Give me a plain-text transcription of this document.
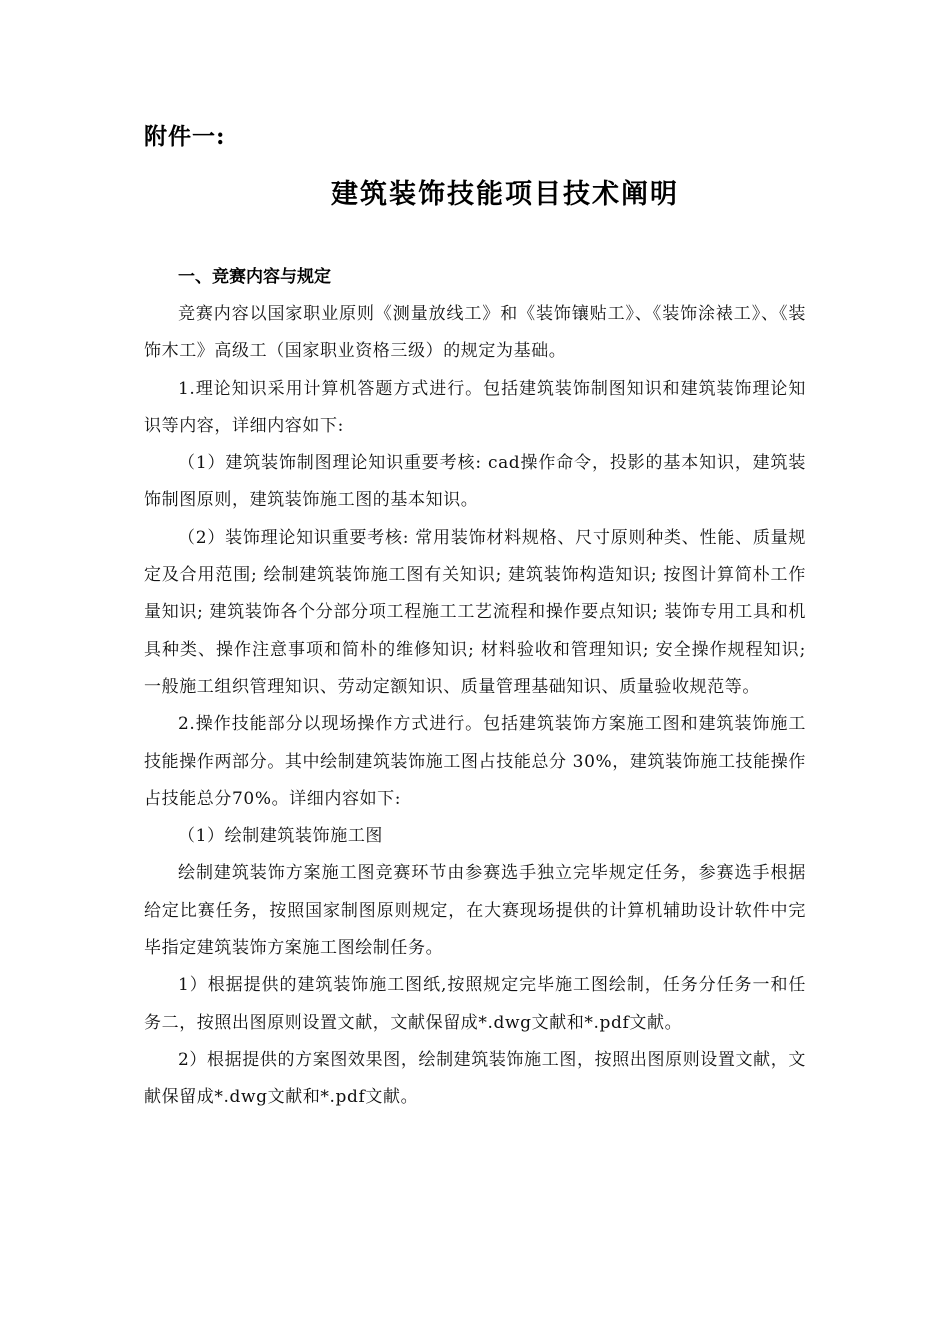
附件一:
建筑装饰技能项目技术阐明
一、竞赛内容与规定

竞赛内容以国家职业原则《测量放线工》和《装饰镶贴工》、《装饰涂裱工》、《装饰木工》高级工（国家职业资格三级）的规定为基础。

1.理论知识采用计算机答题方式进行。包括建筑装饰制图知识和建筑装饰理论知识等内容，详细内容如下:

（1）建筑装饰制图理论知识重要考核: cad操作命令，投影的基本知识，建筑装饰制图原则，建筑装饰施工图的基本知识。

（2）装饰理论知识重要考核: 常用装饰材料规格、尺寸原则种类、性能、质量规定及合用范围; 绘制建筑装饰施工图有关知识; 建筑装饰构造知识; 按图计算简朴工作量知识; 建筑装饰各个分部分项工程施工工艺流程和操作要点知识; 装饰专用工具和机具种类、操作注意事项和简朴的维修知识; 材料验收和管理知识; 安全操作规程知识; 一般施工组织管理知识、劳动定额知识、质量管理基础知识、质量验收规范等。

2.操作技能部分以现场操作方式进行。包括建筑装饰方案施工图和建筑装饰施工技能操作两部分。其中绘制建筑装饰施工图占技能总分 30%，建筑装饰施工技能操作占技能总分70%。详细内容如下:

（1）绘制建筑装饰施工图

绘制建筑装饰方案施工图竞赛环节由参赛选手独立完毕规定任务，参赛选手根据给定比赛任务，按照国家制图原则规定，在大赛现场提供的计算机辅助设计软件中完毕指定建筑装饰方案施工图绘制任务。

1）根据提供的建筑装饰施工图纸,按照规定完毕施工图绘制，任务分任务一和任务二，按照出图原则设置文献，文献保留成*.dwg文献和*.pdf文献。

2）根据提供的方案图效果图，绘制建筑装饰施工图，按照出图原则设置文献，文献保留成*.dwg文献和*.pdf文献。
